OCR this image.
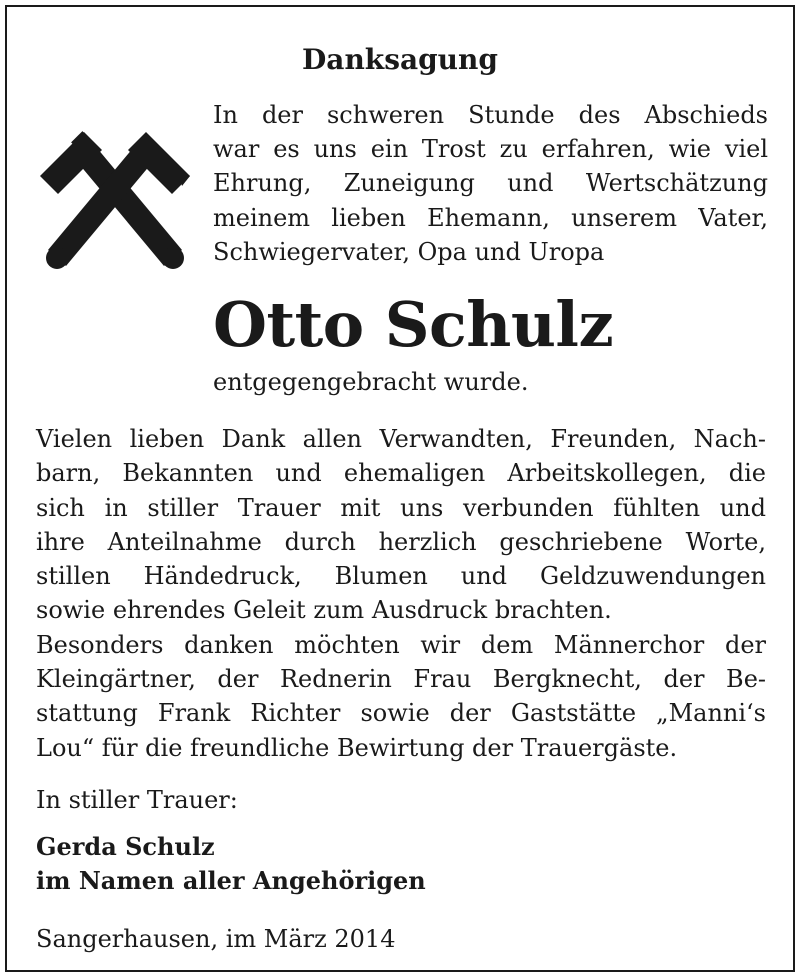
Danksagung
In der schweren Stunde des Abschieds
war es uns ein Trost zu erfahren, wie viel
Ehrung, Zuneigung und Wertschätzung
meinem lieben Ehemann, unserem Vater,
Schwiegervater, Opa und Uropa
Otto Schulz
entgegengebracht wurde.
Vielen lieben Dank allen Verwandten, Freunden, Nach-
barn, Bekannten und ehemaligen Arbeitskollegen, die
sich in stiller Trauer mit uns verbunden fühlten und
ihre Anteilnahme durch herzlich geschriebene Worte,
stillen Händedruck, Blumen und Geldzuwendungen
sowie ehrendes Geleit zum Ausdruck brachten.
Besonders danken möchten wir dem Männerchor der
Kleingärtner, der Rednerin Frau Bergknecht, der Be-
stattung Frank Richter sowie der Gaststätte „Manni‘s
Lou“ für die freundliche Bewirtung der Trauergäste.
In stiller Trauer:
Gerda Schulz
im Namen aller Angehörigen
Sangerhausen, im März 2014
